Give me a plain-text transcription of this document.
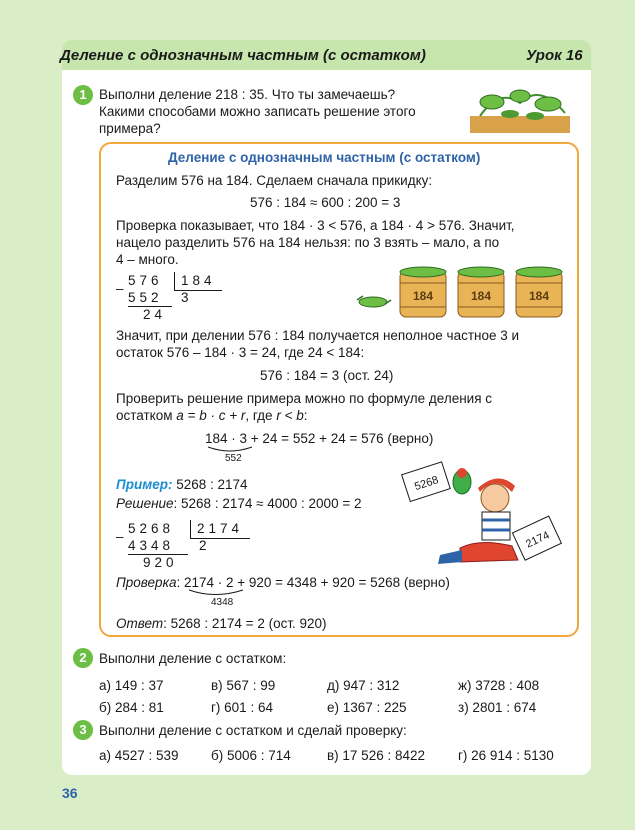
Деление с однозначным частным (с остатком)	Урок 16
1 Выполни деление 218 : 35. Что ты замечаешь?
Какими способами можно записать решение этого
примера?
Деление с однозначным частным (с остатком)
Разделим 576 на 184. Сделаем сначала прикидку:
576 : 184 ≈ 600 : 200 = 3
Проверка показывает, что 184 · 3 < 576, а 184 · 4 > 576. Значит,
нацело разделить 576 на 184 нельзя: по 3 взять – мало, а по
4 – много.
–
576 184
552 3
24
184	184	184
Значит, при делении 576 : 184 получается неполное частное 3 и
остаток 576 – 184 · 3 = 24, где 24 < 184:
576 : 184 = 3 (ост. 24)
Проверить решение примера можно по формуле деления с
остатком a = b · c + r, где r < b:
184 · 3 + 24 = 552 + 24 = 576 (верно)
552
Пример: 5268 : 2174
Решение: 5268 : 2174 ≈ 4000 : 2000 = 2
–
5268 2174
4348 2
920
5268
2174
Проверка: 2174 · 2 + 920 = 4348 + 920 = 5268 (верно)
4348
Ответ: 5268 : 2174 = 2 (ост. 920)
2 Выполни деление с остатком:
а) 149 : 37	в) 567 : 99	д) 947 : 312	ж) 3728 : 408
б) 284 : 81	г) 601 : 64	е) 1367 : 225	з) 2801 : 674
3 Выполни деление с остатком и сделай проверку:
а) 4527 : 539 б) 5006 : 714	в) 17 526 : 8422 г) 26 914 : 5130
36
